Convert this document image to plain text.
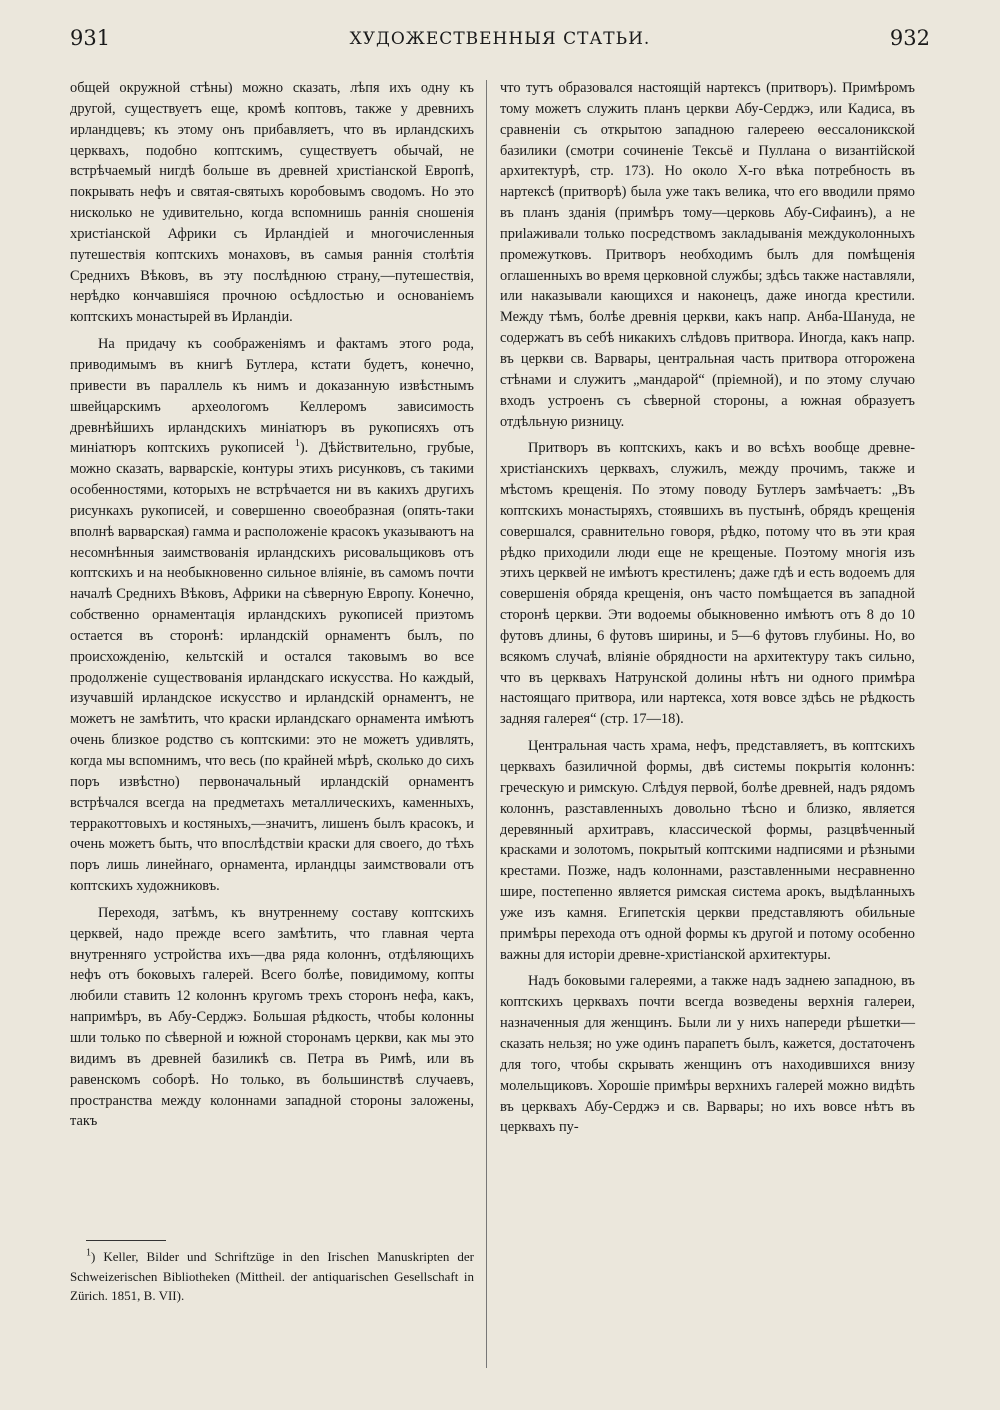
931	ХУДОЖЕСТВЕННЫЯ СТАТЬИ.	932

общей окружной стѣны) можно сказать, лѣпя ихъ одну къ другой, существуетъ еще, кромѣ коптовъ, также у древнихъ ирландцевъ; къ этому онъ прибавляетъ, что въ ирландскихъ церквахъ, подобно коптскимъ, существуетъ обычай, не встрѣчаемый нигдѣ больше въ древней христіанской Европѣ, покрывать нефъ и святая-святыхъ коробовымъ сводомъ. Но это нисколько не удивительно, когда вспомнишь раннія сношенія христіанской Африки съ Ирландіей и многочисленныя путешествія коптскихъ монаховъ, въ самыя раннія столѣтія Среднихъ Вѣковъ, въ эту послѣднюю страну,—путешествія, нерѣдко кончавшіяся прочною осѣдлостью и основаніемъ коптскихъ монастырей въ Ирландіи.

На придачу къ соображеніямъ и фактамъ этого рода, приводимымъ въ книгѣ Бутлера, кстати будетъ, конечно, привести въ параллель къ нимъ и доказанную извѣстнымъ швейцарскимъ археологомъ Келлеромъ зависимость древнѣйшихъ ирландскихъ миніатюръ въ рукописяхъ отъ миніатюръ коптскихъ рукописей $^1$). Дѣйствительно, грубые, можно сказать, варварскіе, контуры этихъ рисунковъ, съ такими особенностями, которыхъ не встрѣчается ни въ какихъ другихъ рисункахъ рукописей, и совершенно своеобразная (опять-таки вполнѣ варварская) гамма и расположеніе красокъ указываютъ на несомнѣнныя заимствованія ирландскихъ рисовальщиковъ отъ коптскихъ и на необыкновенно сильное вліяніе, въ самомъ почти началѣ Среднихъ Вѣковъ, Африки на сѣверную Европу. Конечно, собственно орнаментація ирландскихъ рукописей приэтомъ остается въ сторонѣ: ирландскій орнаментъ былъ, по происхожденію, кельтскій и остался таковымъ во все продолженіе существованія ирландскаго искусства. Но каждый, изучавшій ирландское искусство и ирландскій орнаментъ, не можетъ не замѣтить, что краски ирландскаго орнамента имѣютъ очень близкое родство съ коптскими: это не можетъ удивлять, когда мы вспомнимъ, что весь (по крайней мѣрѣ, сколько до сихъ поръ извѣстно) первоначальный ирландскій орнаментъ встрѣчался всегда на предметахъ металлическихъ, каменныхъ, терракоттовыхъ и костяныхъ,—значитъ, лишенъ былъ красокъ, и очень можетъ быть, что впослѣдствіи краски для своего, до тѣхъ поръ лишь линейнаго, орнамента, ирландцы заимствовали отъ коптскихъ художниковъ.

Переходя, затѣмъ, къ внутреннему составу коптскихъ церквей, надо прежде всего замѣтить, что главная черта внутренняго устройства ихъ—два ряда колоннъ, отдѣляющихъ нефъ отъ боковыхъ галерей. Всего болѣе, повидимому, копты любили ставить 12 колоннъ кругомъ трехъ сторонъ нефа, какъ, напримѣръ, въ Абу-Серджэ. Большая рѣдкость, чтобы колонны шли только по сѣверной и южной сторонамъ церкви, как мы это видимъ въ древней базиликѣ св. Петра въ Римѣ, или въ равенскомъ соборѣ. Но только, въ большинствѣ случаевъ, пространства между колоннами западной стороны заложены, такъ

что тутъ образовался настоящій нартексъ (притворъ). Примѣромъ тому можетъ служить планъ церкви Абу-Серджэ, или Кадиса, въ сравненіи съ открытою западною галереею ѳессалоникской базилики (смотри сочиненіе Тексьё и Пуллана о византійской архитектурѣ, стр. 173). Но около X-го вѣка потребность въ нартексѣ (притворѣ) была уже такъ велика, что его вводили прямо въ планъ зданія (примѣръ тому—церковь Абу-Сифаинъ), а не приlaживали только посредствомъ закладыванія междуколонныхъ промежутковъ. Притворъ необходимъ былъ для помѣщенія оглашенныхъ во время церковной службы; здѣсь также наставляли, или наказывали кающихся и наконецъ, даже иногда крестили. Между тѣмъ, болѣе древнія церкви, какъ напр. Анба-Шануда, не содержатъ въ себѣ никакихъ слѣдовъ притвора. Иногда, какъ напр. въ церкви св. Варвары, центральная часть притвора отгорожена стѣнами и служитъ „мандарой“ (пріемной), и по этому случаю входъ устроенъ съ сѣверной стороны, а южная образуетъ отдѣльную ризницу.

Притворъ въ коптскихъ, какъ и во всѣхъ вообще древне-христіанскихъ церквахъ, служилъ, между прочимъ, также и мѣстомъ крещенія. По этому поводу Бутлеръ замѣчаетъ: „Въ коптскихъ монастыряхъ, стоявшихъ въ пустынѣ, обрядъ крещенія совершался, сравнительно говоря, рѣдко, потому что въ эти края рѣдко приходили люди еще не крещеные. Поэтому многія изъ этихъ церквей не имѣютъ крестиленъ; даже гдѣ и есть водоемъ для совершенія обряда крещенія, онъ часто помѣщается въ западной сторонѣ церкви. Эти водоемы обыкновенно имѣютъ отъ 8 до 10 футовъ длины, 6 футовъ ширины, и 5—6 футовъ глубины. Но, во всякомъ случаѣ, вліяніе обрядности на архитектуру такъ сильно, что въ церквахъ Натрунской долины нѣтъ ни одного примѣра настоящаго притвора, или нартекса, хотя вовсе здѣсь не рѣдкость задняя галерея“ (стр. 17—18).

Центральная часть храма, нефъ, представляетъ, въ коптскихъ церквахъ базиличной формы, двѣ системы покрытія колоннъ: греческую и римскую. Слѣдуя первой, болѣе древней, надъ рядомъ колоннъ, разставленныхъ довольно тѣсно и близко, является деревянный архитравъ, классической формы, разцвѣченный красками и золотомъ, покрытый коптскими надписями и рѣзными крестами. Позже, надъ колоннами, разставленными несравненно шире, постепенно является римская система арокъ, выдѣланныхъ уже изъ камня. Египетскія церкви представляютъ обильные примѣры перехода отъ одной формы къ другой и потому особенно важны для исторіи древне-христіанской архитектуры.

Надъ боковыми галереями, а также надъ заднею западною, въ коптскихъ церквахъ почти всегда возведены верхнія галереи, назначенныя для женщинъ. Были ли у нихъ напереди рѣшетки—сказать нельзя; но уже одинъ парапетъ былъ, кажется, достаточенъ для того, чтобы скрывать женщинъ отъ находившихся внизу молельщиковъ. Хорошіе примѣры верхнихъ галерей можно видѣть въ церквахъ Абу-Серджэ и св. Варвары; но ихъ вовсе нѣтъ въ церквахъ пу-

$^1$) Keller, Bilder und Schriftzüge in den Irischen Manuskripten der Schweizerischen Bibliotheken (Mittheil. der antiquarischen Gesellschaft in Zürich. 1851, B. VII).
